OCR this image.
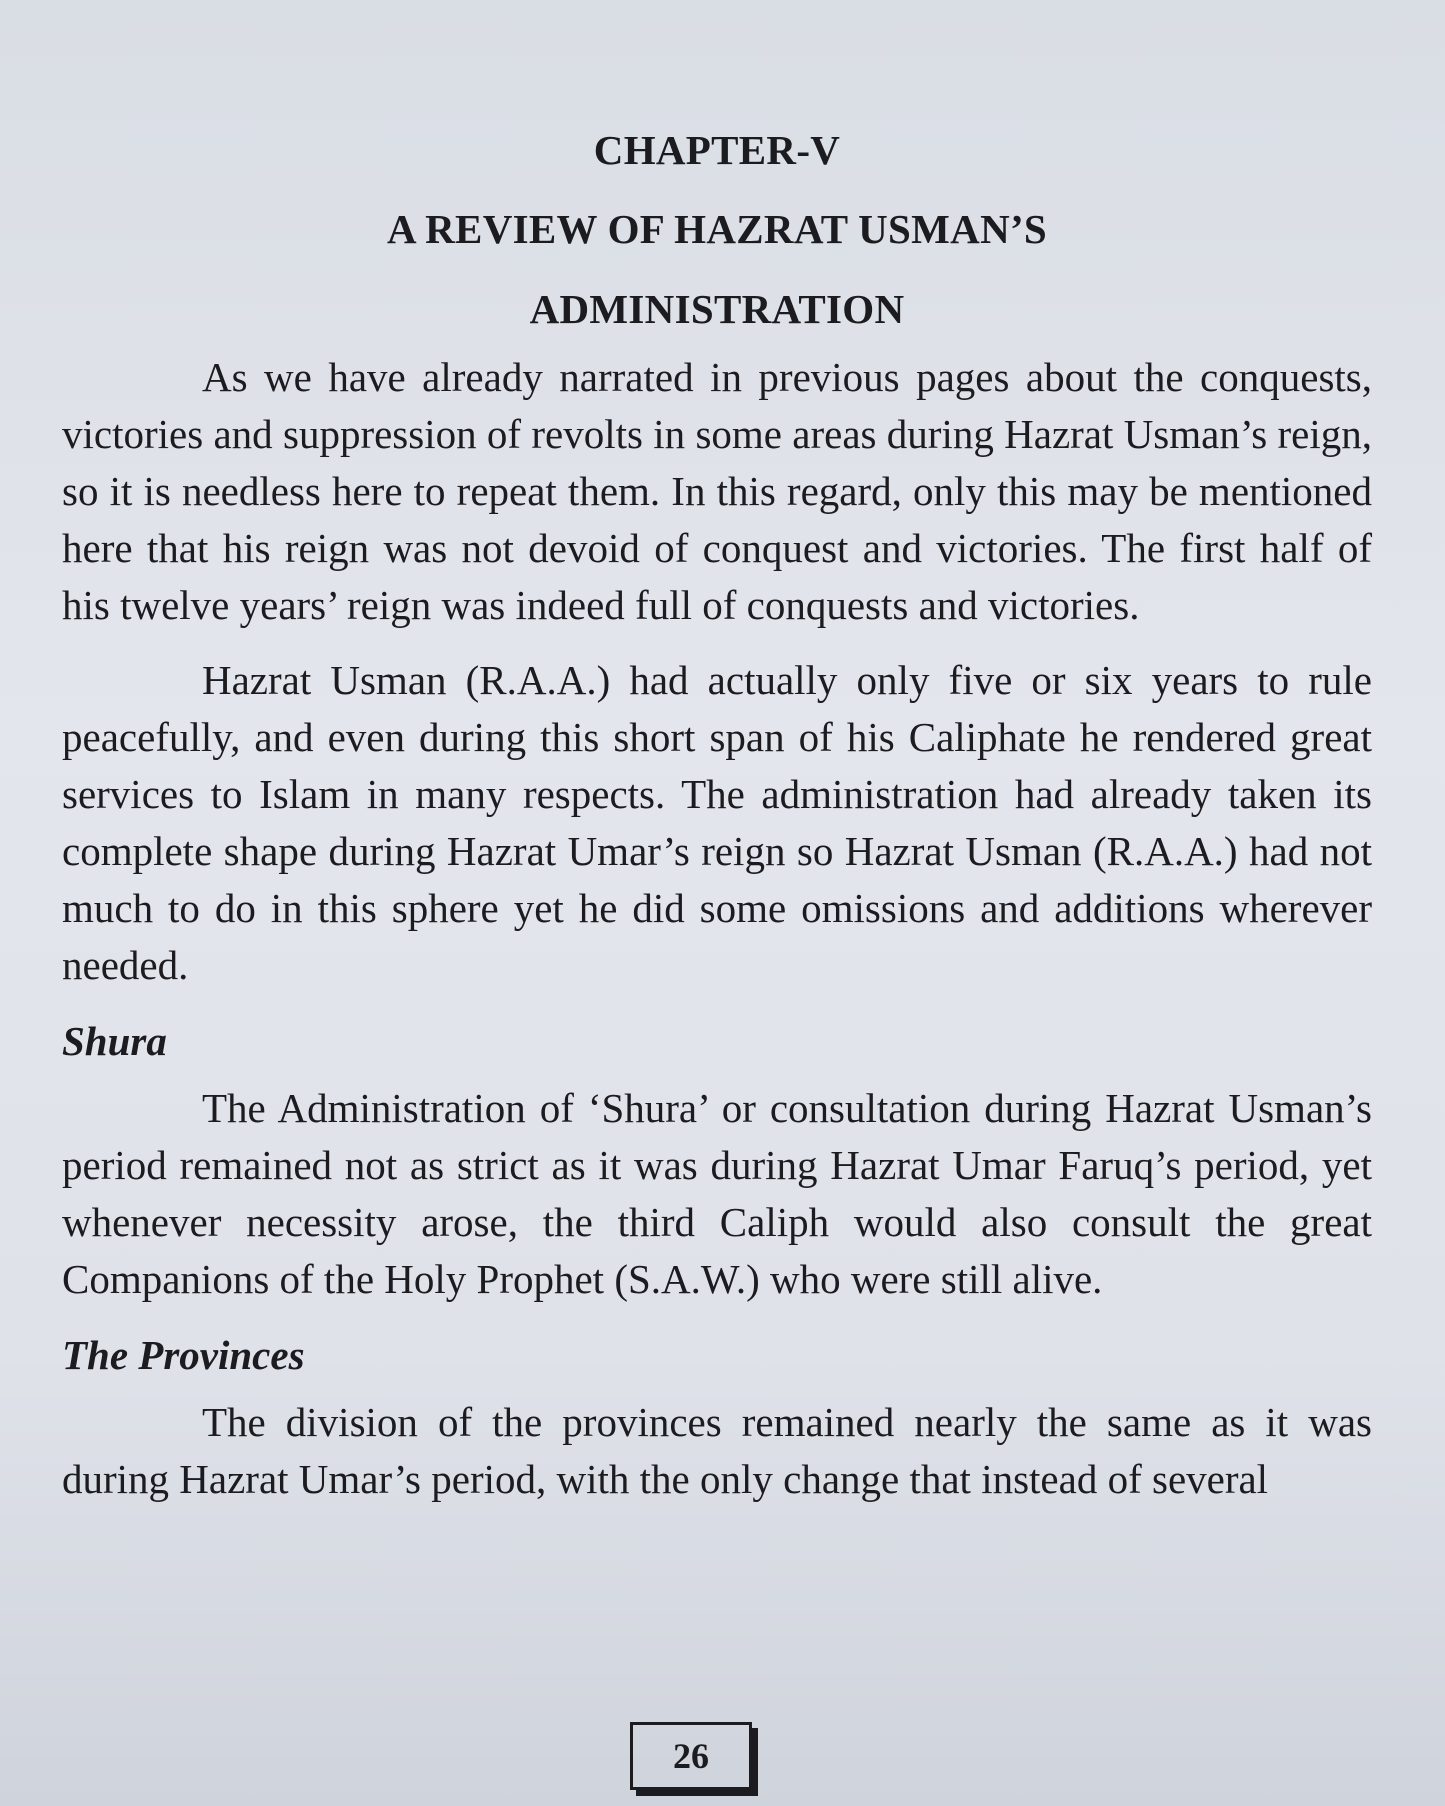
CHAPTER-V
A REVIEW OF HAZRAT USMAN’S
ADMINISTRATION

As we have already narrated in previous pages about the conquests, victories and suppression of revolts in some areas during Hazrat Usman’s reign, so it is needless here to repeat them. In this regard, only this may be mentioned here that his reign was not devoid of conquest and victories. The first half of his twelve years’ reign was indeed full of conquests and victories.

Hazrat Usman (R.A.A.) had actually only five or six years to rule peacefully, and even during this short span of his Caliphate he rendered great services to Islam in many respects. The administration had already taken its complete shape during Hazrat Umar’s reign so Hazrat Usman (R.A.A.) had not much to do in this sphere yet he did some omissions and additions wherever needed.

Shura

The Administration of ‘Shura’ or consultation during Hazrat Usman’s period remained not as strict as it was during Hazrat Umar Faruq’s period, yet whenever necessity arose, the third Caliph would also consult the great Companions of the Holy Prophet (S.A.W.) who were still alive.

The Provinces

The division of the provinces remained nearly the same as it was during Hazrat Umar’s period, with the only change that instead of several

26
